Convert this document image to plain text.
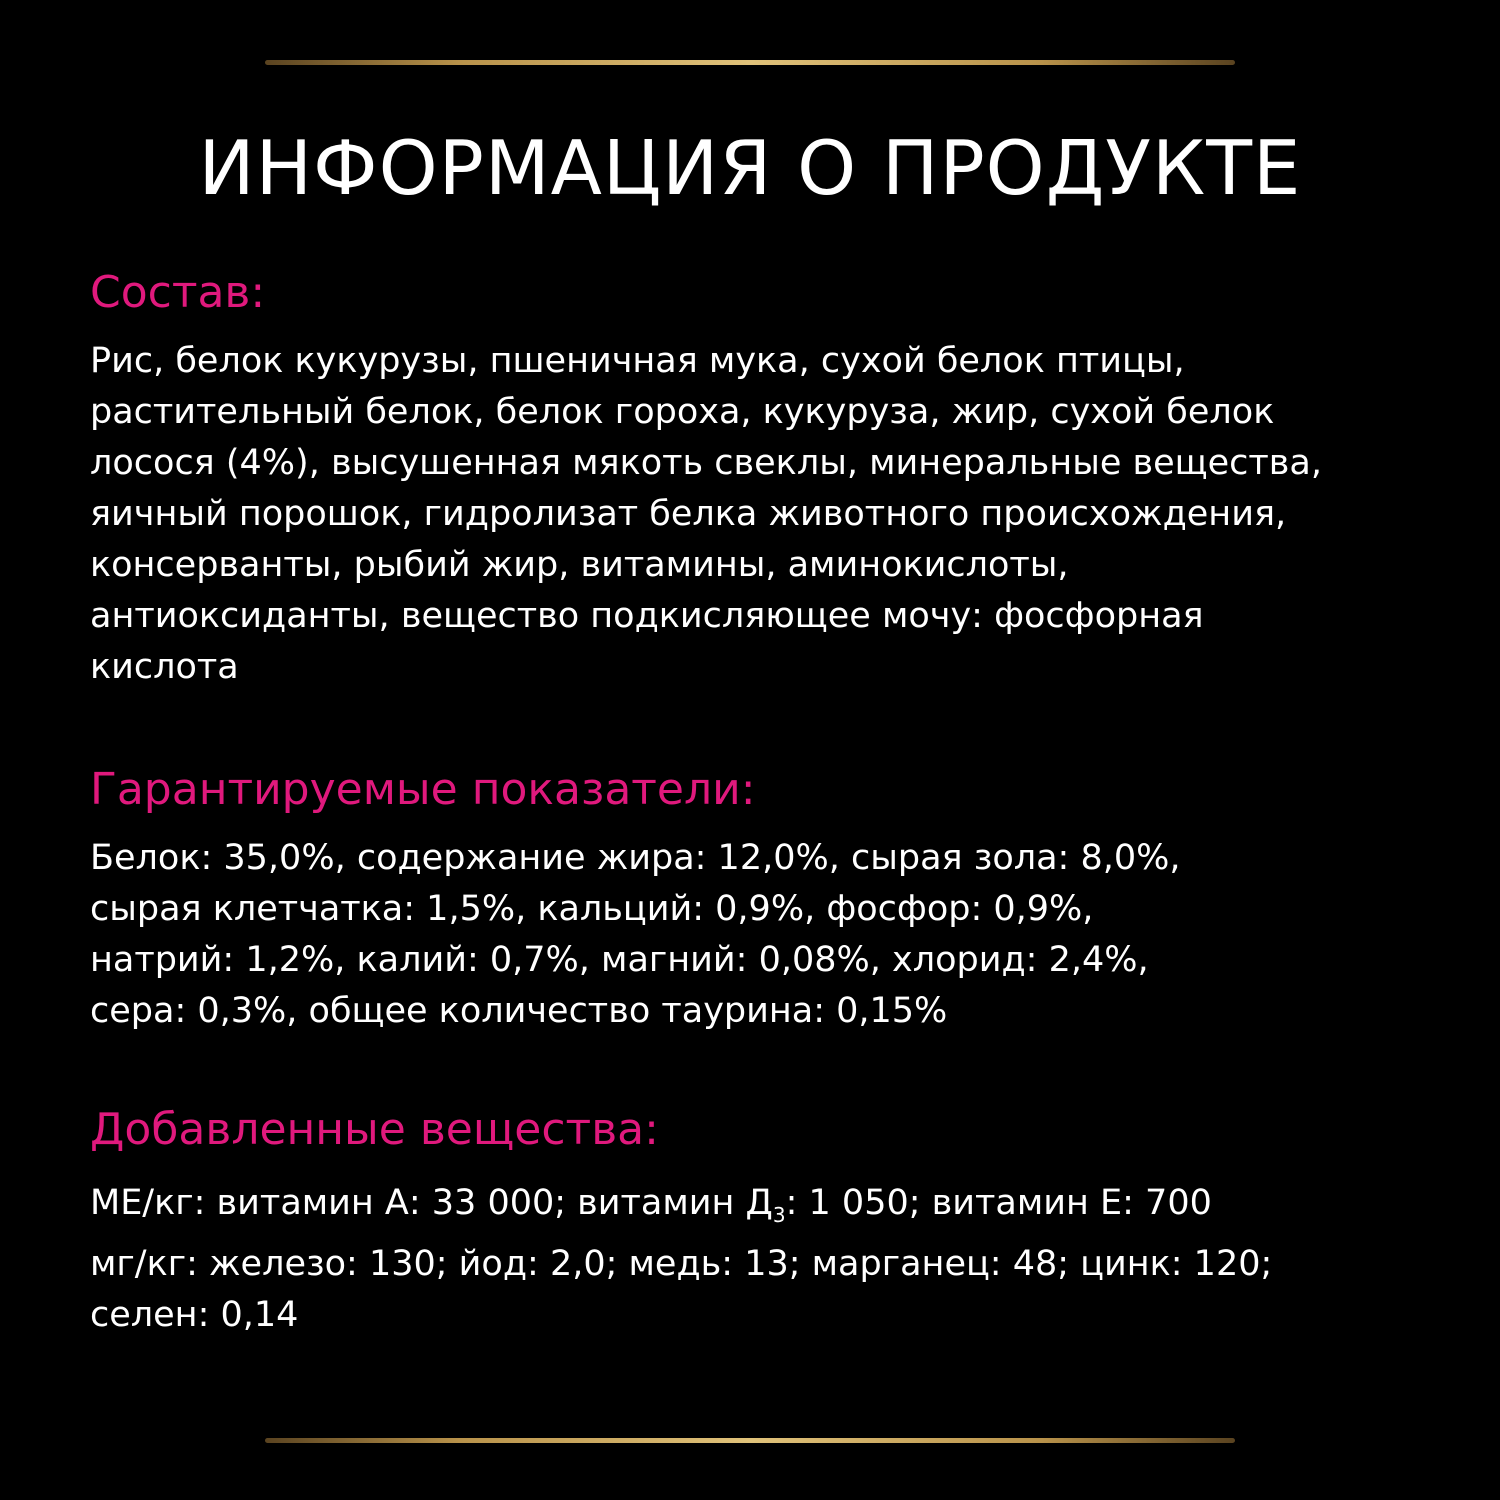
ИНФОРМАЦИЯ О ПРОДУКТЕ
Состав:
Рис, белок кукурузы, пшеничная мука, сухой белок птицы,
растительный белок, белок гороха, кукуруза, жир, сухой белок
лосося (4%), высушенная мякоть свеклы, минеральные вещества,
яичный порошок, гидролизат белка животного происхождения,
консерванты, рыбий жир, витамины, аминокислоты,
антиоксиданты, вещество подкисляющее мочу: фосфорная
кислота
Гарантируемые показатели:
Белок: 35,0%, содержание жира: 12,0%, сырая зола: 8,0%,
сырая клетчатка: 1,5%, кальций: 0,9%, фосфор: 0,9%,
натрий: 1,2%, калий: 0,7%, магний: 0,08%, хлорид: 2,4%,
сера: 0,3%, общее количество таурина: 0,15%
Добавленные вещества:
МЕ/кг: витамин А: 33 000; витамин $Д_3$: 1 050; витамин Е: 700
мг/кг: железо: 130; йод: 2,0; медь: 13; марганец: 48; цинк: 120;
селен: 0,14
